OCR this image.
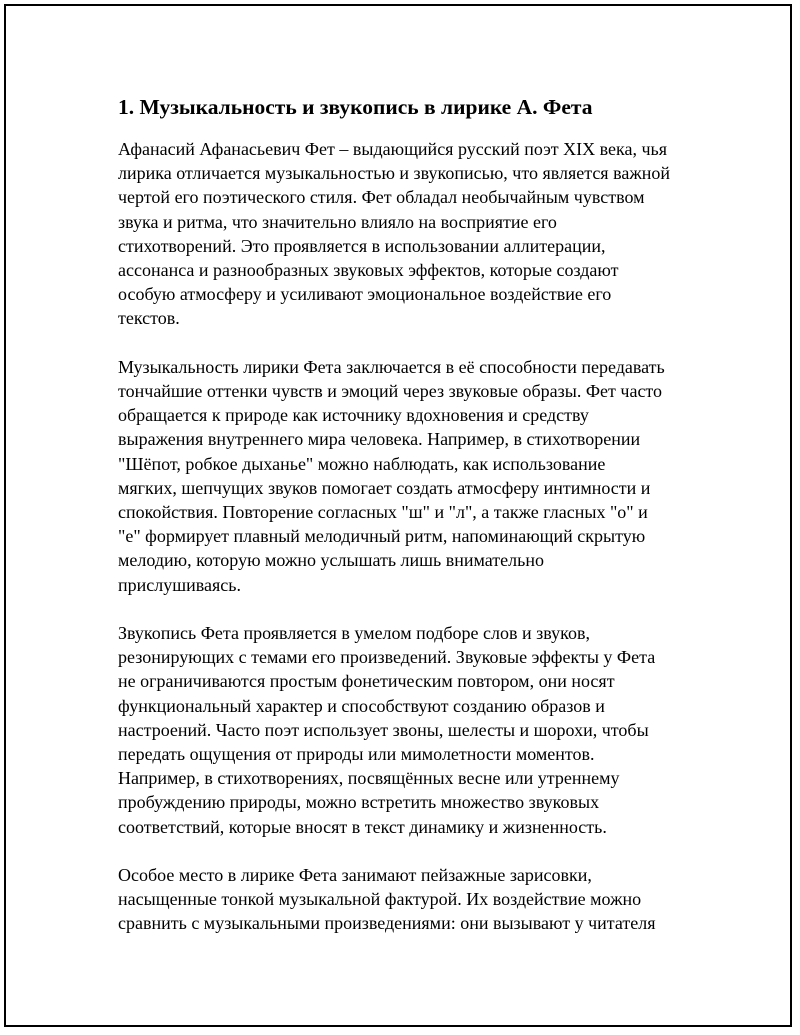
1. Музыкальность и звукопись в лирике А. Фета

Афанасий Афанасьевич Фет – выдающийся русский поэт XIX века, чья
лирика отличается музыкальностью и звукописью, что является важной
чертой его поэтического стиля. Фет обладал необычайным чувством
звука и ритма, что значительно влияло на восприятие его
стихотворений. Это проявляется в использовании аллитерации,
ассонанса и разнообразных звуковых эффектов, которые создают
особую атмосферу и усиливают эмоциональное воздействие его
текстов.

Музыкальность лирики Фета заключается в её способности передавать
тончайшие оттенки чувств и эмоций через звуковые образы. Фет часто
обращается к природе как источнику вдохновения и средству
выражения внутреннего мира человека. Например, в стихотворении
"Шёпот, робкое дыханье" можно наблюдать, как использование
мягких, шепчущих звуков помогает создать атмосферу интимности и
спокойствия. Повторение согласных "ш" и "л", а также гласных "о" и
"е" формирует плавный мелодичный ритм, напоминающий скрытую
мелодию, которую можно услышать лишь внимательно
прислушиваясь.

Звукопись Фета проявляется в умелом подборе слов и звуков,
резонирующих с темами его произведений. Звуковые эффекты у Фета
не ограничиваются простым фонетическим повтором, они носят
функциональный характер и способствуют созданию образов и
настроений. Часто поэт использует звоны, шелесты и шорохи, чтобы
передать ощущения от природы или мимолетности моментов.
Например, в стихотворениях, посвящённых весне или утреннему
пробуждению природы, можно встретить множество звуковых
соответствий, которые вносят в текст динамику и жизненность.

Особое место в лирике Фета занимают пейзажные зарисовки,
насыщенные тонкой музыкальной фактурой. Их воздействие можно
сравнить с музыкальными произведениями: они вызывают у читателя
